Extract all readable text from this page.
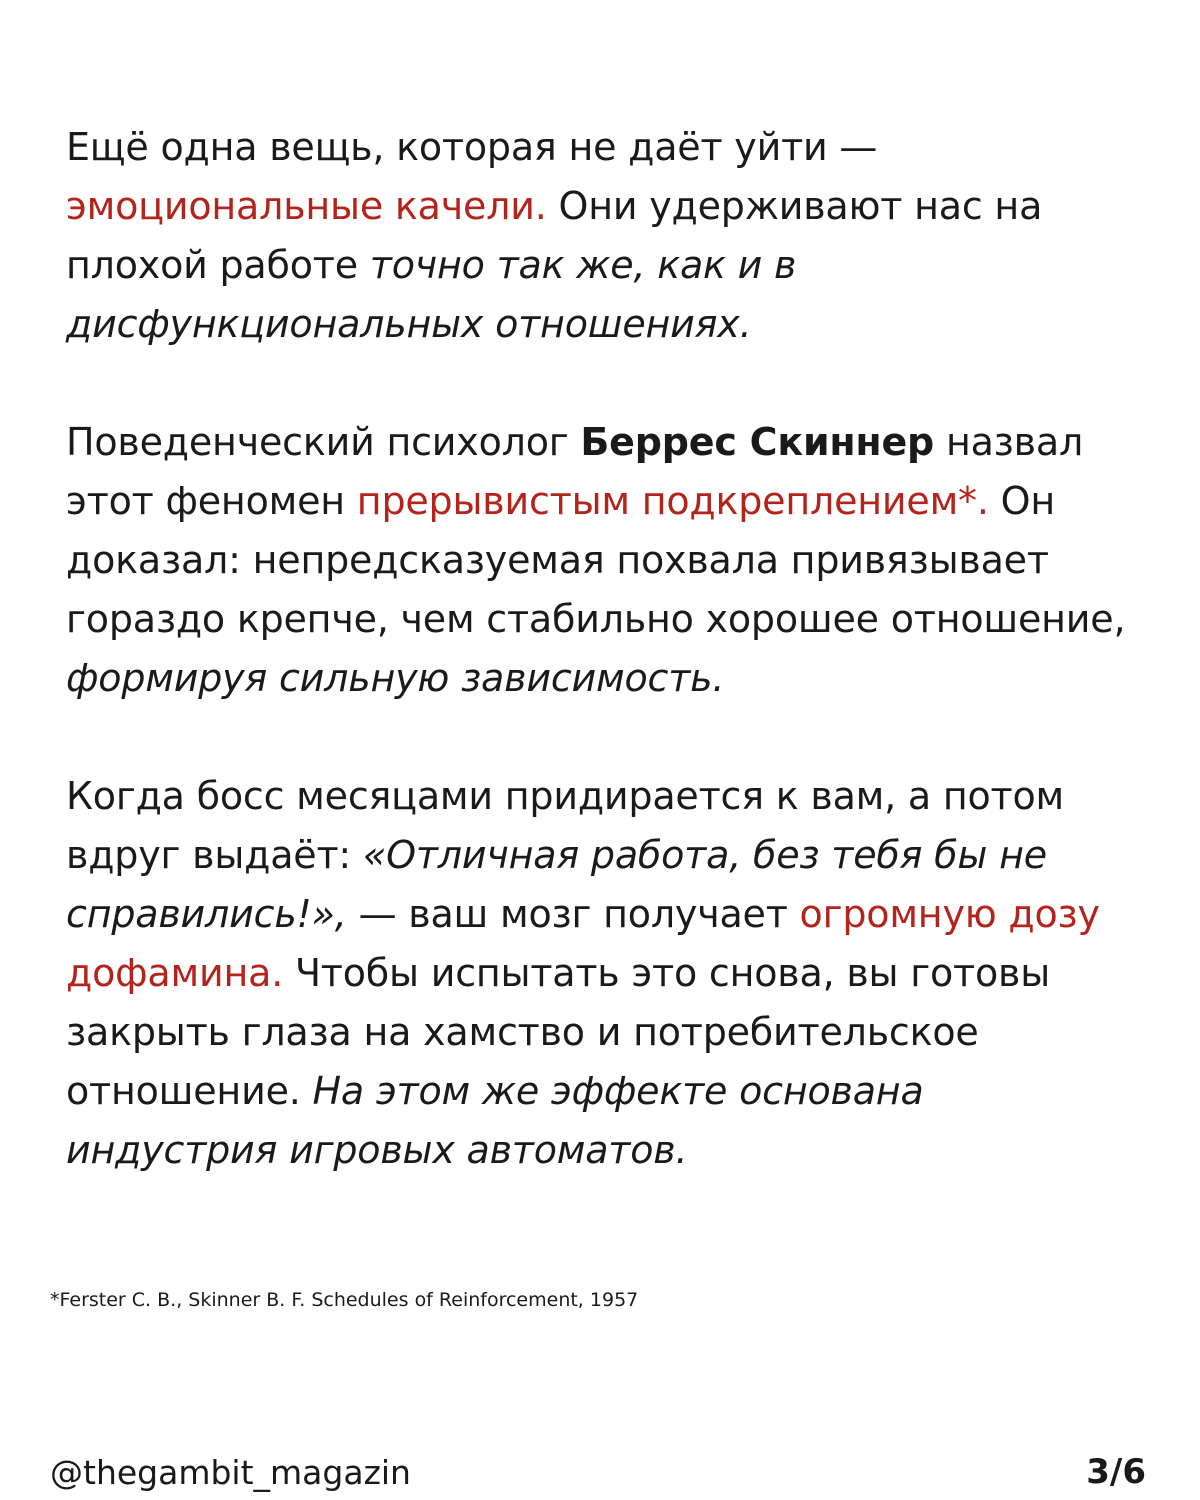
Ещё одна вещь, которая не даёт уйти — эмоциональные качели. Они удерживают нас на плохой работе точно так же, как и в дисфункциональных отношениях.

Поведенческий психолог Беррес Скиннер назвал этот феномен прерывистым подкреплением*. Он доказал: непредсказуемая похвала привязывает гораздо крепче, чем стабильно хорошее отношение, формируя сильную зависимость.

Когда босс месяцами придирается к вам, а потом вдруг выдаёт: «Отличная работа, без тебя бы не справились!», — ваш мозг получает огромную дозу дофамина. Чтобы испытать это снова, вы готовы закрыть глаза на хамство и потребительское отношение. На этом же эффекте основана индустрия игровых автоматов.

*Ferster C. B., Skinner B. F. Schedules of Reinforcement, 1957
@thegambit_magazin	3/6
